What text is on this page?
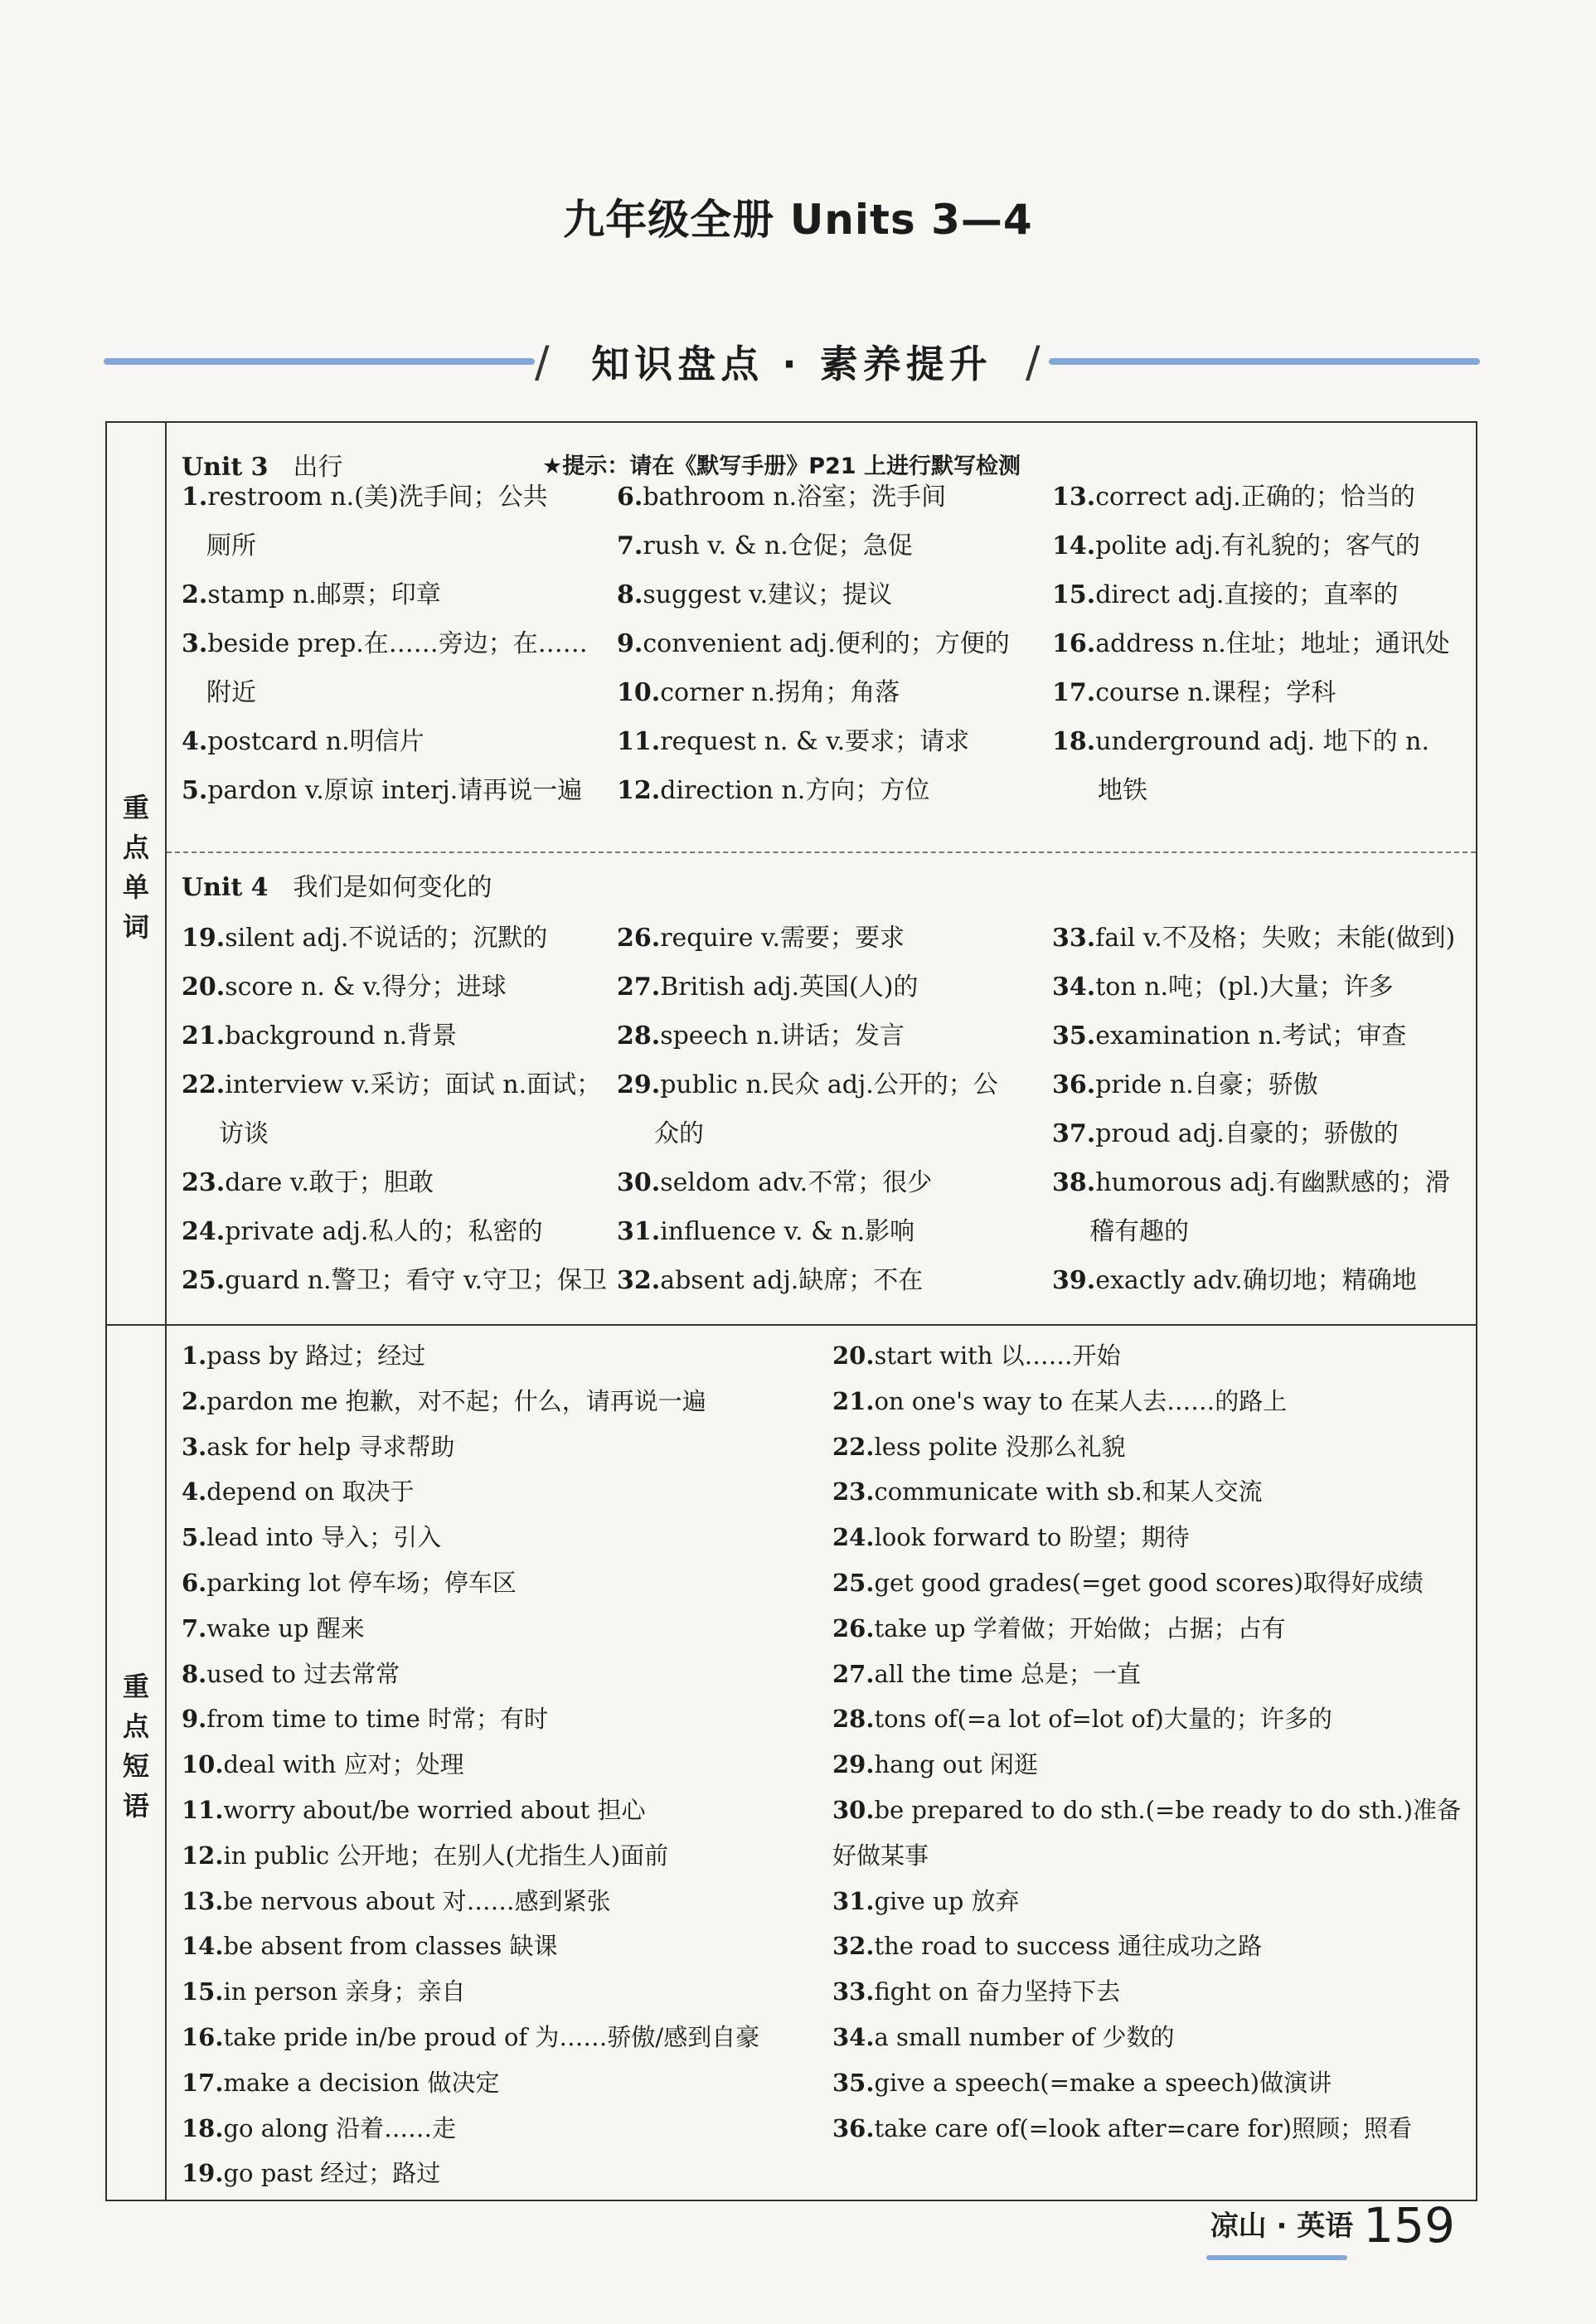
九年级全册 Units 3—4
/	知识盘点 · 素养提升 /
重
点
单
词
重
点
短
语
Unit 3 出行	★提示：请在《默写手册》P21 上进行默写检测

1.restroom n.(美)洗手间；公共

厕所

2.stamp n.邮票；印章

3.beside prep.在……旁边；在……

附近

4.postcard n.明信片

5.pardon v.原谅 interj.请再说一遍

6.bathroom n.浴室；洗手间

7.rush v. & n.仓促；急促

8.suggest v.建议；提议

9.convenient adj.便利的；方便的

10.corner n.拐角；角落

11.request n. & v.要求；请求

12.direction n.方向；方位

13.correct adj.正确的；恰当的

14.polite adj.有礼貌的；客气的

15.direct adj.直接的；直率的

16.address n.住址；地址；通讯处

17.course n.课程；学科

18.underground adj. 地下的 n.

地铁

Unit 4 我们是如何变化的

19.silent adj.不说话的；沉默的

20.score n. & v.得分；进球

21.background n.背景

22.interview v.采访；面试 n.面试；

访谈

23.dare v.敢于；胆敢

24.private adj.私人的；私密的

25.guard n.警卫；看守 v.守卫；保卫

26.require v.需要；要求

27.British adj.英国(人)的

28.speech n.讲话；发言

29.public n.民众 adj.公开的；公

众的

30.seldom adv.不常；很少

31.influence v. & n.影响

32.absent adj.缺席；不在

33.fail v.不及格；失败；未能(做到)

34.ton n.吨；(pl.)大量；许多

35.examination n.考试；审查

36.pride n.自豪；骄傲

37.proud adj.自豪的；骄傲的

38.humorous adj.有幽默感的；滑

稽有趣的

39.exactly adv.确切地；精确地

1.pass by 路过；经过

2.pardon me 抱歉，对不起；什么，请再说一遍

3.ask for help 寻求帮助

4.depend on 取决于

5.lead into 导入；引入

6.parking lot 停车场；停车区

7.wake up 醒来

8.used to 过去常常

9.from time to time 时常；有时

10.deal with 应对；处理

11.worry about/be worried about 担心

12.in public 公开地；在别人(尤指生人)面前

13.be nervous about 对……感到紧张

14.be absent from classes 缺课

15.in person 亲身；亲自

16.take pride in/be proud of 为……骄傲/感到自豪

17.make a decision 做决定

18.go along 沿着……走

19.go past 经过；路过

20.start with 以……开始

21.on one's way to 在某人去……的路上

22.less polite 没那么礼貌

23.communicate with sb.和某人交流

24.look forward to 盼望；期待

25.get good grades(=get good scores)取得好成绩

26.take up 学着做；开始做；占据；占有

27.all the time 总是；一直

28.tons of(=a lot of=lot of)大量的；许多的

29.hang out 闲逛

30.be prepared to do sth.(=be ready to do sth.)准备

好做某事

31.give up 放弃

32.the road to success 通往成功之路

33.fight on 奋力坚持下去

34.a small number of 少数的

35.give a speech(=make a speech)做演讲

36.take care of(=look after=care for)照顾；照看

凉山 · 英语 159
